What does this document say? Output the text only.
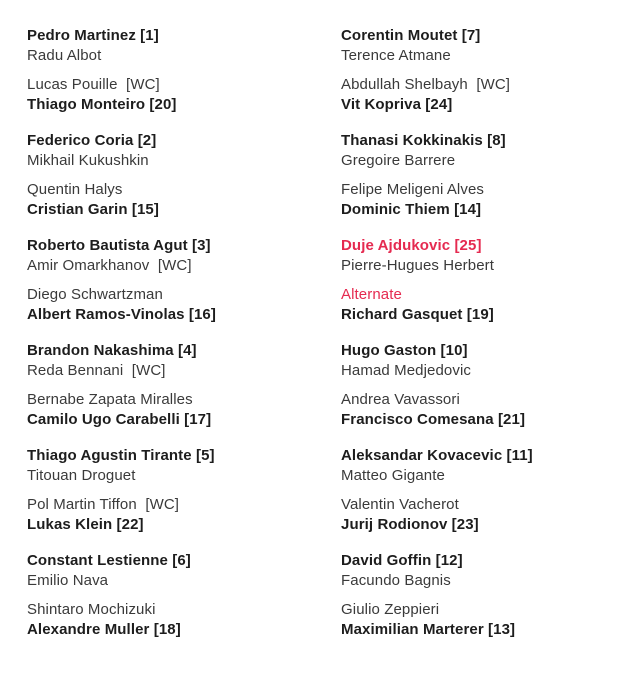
Pedro Martinez [1]
Radu Albot
Lucas Pouille  [WC]
Thiago Monteiro [20]
Federico Coria [2]
Mikhail Kukushkin
Quentin Halys
Cristian Garin [15]
Roberto Bautista Agut [3]
Amir Omarkhanov  [WC]
Diego Schwartzman
Albert Ramos-Vinolas [16]
Brandon Nakashima [4]
Reda Bennani  [WC]
Bernabe Zapata Miralles
Camilo Ugo Carabelli [17]
Thiago Agustin Tirante [5]
Titouan Droguet
Pol Martin Tiffon  [WC]
Lukas Klein [22]
Constant Lestienne [6]
Emilio Nava
Shintaro Mochizuki
Alexandre Muller [18]
Corentin Moutet [7]
Terence Atmane
Abdullah Shelbayh  [WC]
Vit Kopriva [24]
Thanasi Kokkinakis [8]
Gregoire Barrere
Felipe Meligeni Alves
Dominic Thiem [14]
Duje Ajdukovic [25]
Pierre-Hugues Herbert
Alternate
Richard Gasquet [19]
Hugo Gaston [10]
Hamad Medjedovic
Andrea Vavassori
Francisco Comesana [21]
Aleksandar Kovacevic [11]
Matteo Gigante
Valentin Vacherot
Jurij Rodionov [23]
David Goffin [12]
Facundo Bagnis
Giulio Zeppieri
Maximilian Marterer [13]
